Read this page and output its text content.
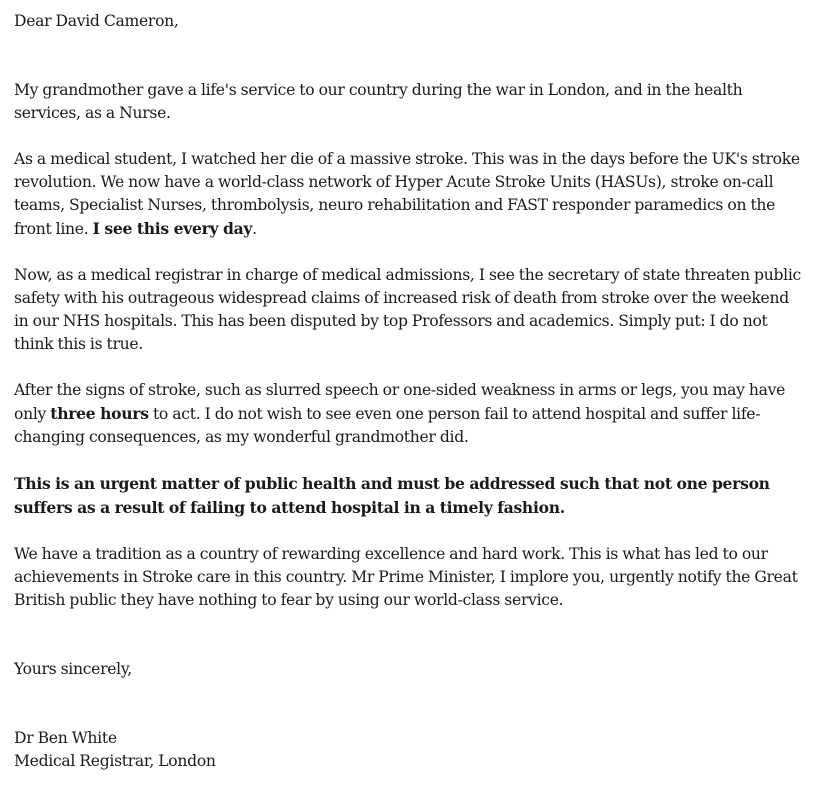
Dear David Cameron,

My grandmother gave a life's service to our country during the war in London, and in the health services, as a Nurse.

As a medical student, I watched her die of a massive stroke. This was in the days before the UK's stroke revolution. We now have a world-class network of Hyper Acute Stroke Units (HASUs), stroke on-call teams, Specialist Nurses, thrombolysis, neuro rehabilitation and FAST responder paramedics on the front line. I see this every day.

Now, as a medical registrar in charge of medical admissions, I see the secretary of state threaten public safety with his outrageous widespread claims of increased risk of death from stroke over the weekend in our NHS hospitals. This has been disputed by top Professors and academics. Simply put: I do not think this is true.

After the signs of stroke, such as slurred speech or one-sided weakness in arms or legs, you may have only three hours to act. I do not wish to see even one person fail to attend hospital and suffer life-changing consequences, as my wonderful grandmother did.

This is an urgent matter of public health and must be addressed such that not one person suffers as a result of failing to attend hospital in a timely fashion.

We have a tradition as a country of rewarding excellence and hard work. This is what has led to our achievements in Stroke care in this country. Mr Prime Minister, I implore you, urgently notify the Great British public they have nothing to fear by using our world-class service.

Yours sincerely,

Dr Ben White

Medical Registrar, London
